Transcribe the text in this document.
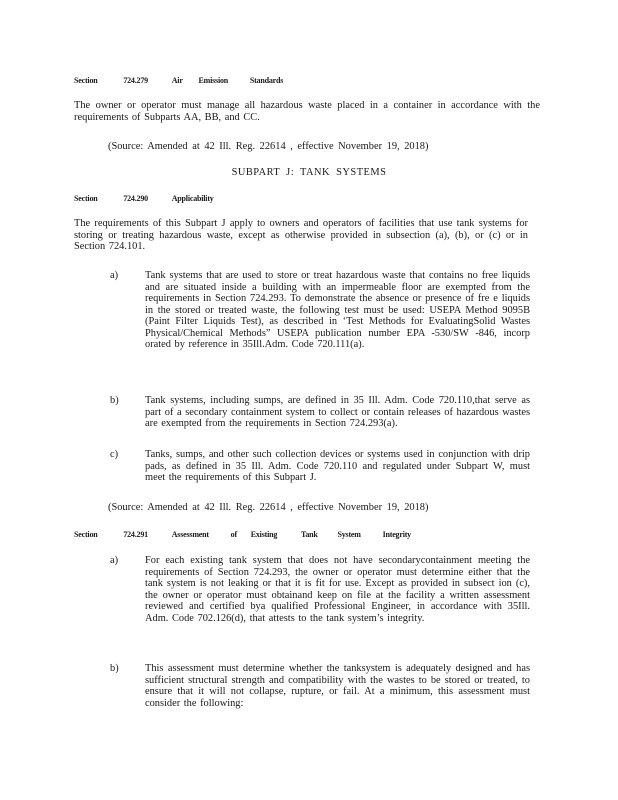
Section	724.279	Air Emission	Standards
The owner or operator must manage all hazardous waste placed in a container in accordance with the requirements of Subparts AA, BB, and CC.
(Source: Amended at 42 Ill. Reg. 22614 , effective November 19, 2018)
SUBPART J: TANK SYSTEMS
Section	724.290	Applicability
The requirements of this Subpart J apply to owners and operators of facilities that use tank systems for storing or treating hazardous waste, except as otherwise provided in subsection (a), (b), or (c) or in Section 724.101.
a)	Tank systems that are used to store or treat hazardous waste that contains no free liquids and are situated inside a building with an impermeable floor are exempted from the requirements in Section 724.293. To demonstrate the absence or presence of fre e liquids in the stored or treated waste, the following test must be used: USEPA Method 9095B (Paint Filter Liquids Test), as described in ‘Test Methods for EvaluatingSolid Wastes Physical/Chemical Methods” USEPA publication number EPA -530/SW -846, incorp orated by reference in 35Ill.Adm. Code 720.111(a).
b)	Tank systems, including sumps, are defined in 35 Ill. Adm. Code 720.110,that serve as part of a secondary containment system to collect or contain releases of hazardous wastes are exempted from the requirements in Section 724.293(a).
c)	Tanks, sumps, and other such collection devices or systems used in conjunction with drip pads, as defined in 35 Ill. Adm. Code 720.110 and regulated under Subpart W, must meet the requirements of this Subpart J.
(Source: Amended at 42 Ill. Reg. 22614 , effective November 19, 2018)
Section	724.291	Assessment	of Existing	Tank System	Integrity
a)	For each existing tank system that does not have secondarycontainment meeting the requirements of Section 724.293, the owner or operator must determine either that the tank system is not leaking or that it is fit for use. Except as provided in subsect ion (c), the owner or operator must obtainand keep on file at the facility a written assessment reviewed and certified bya qualified Professional Engineer, in accordance with 35Ill. Adm. Code 702.126(d), that attests to the tank system’s integrity.
b)	This assessment must determine whether the tanksystem is adequately designed and has sufficient structural strength and compatibility with the wastes to be stored or treated, to ensure that it will not collapse, rupture, or fail. At a minimum, this assessment must consider the following:
